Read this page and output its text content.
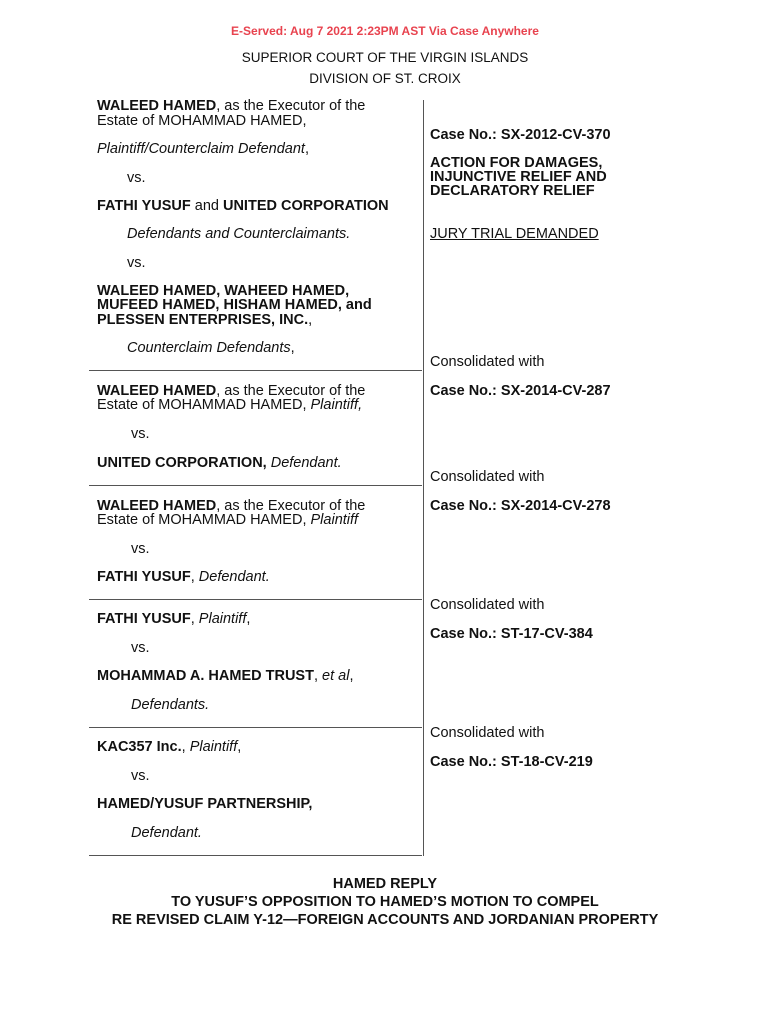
E-Served: Aug 7 2021 2:23PM AST Via Case Anywhere
SUPERIOR COURT OF THE VIRGIN ISLANDS
DIVISION OF ST. CROIX
WALEED HAMED, as the Executor of the
Estate of MOHAMMAD HAMED,
Plaintiff/Counterclaim Defendant,
vs.
FATHI YUSUF and UNITED CORPORATION
Defendants and Counterclaimants.
vs.
WALEED HAMED, WAHEED HAMED,
MUFEED HAMED, HISHAM HAMED, and
PLESSEN ENTERPRISES, INC.,
Counterclaim Defendants,
Case No.: SX-2012-CV-370
ACTION FOR DAMAGES,
INJUNCTIVE RELIEF AND
DECLARATORY RELIEF
JURY TRIAL DEMANDED
WALEED HAMED, as the Executor of the
Estate of MOHAMMAD HAMED, Plaintiff,
vs.
UNITED CORPORATION, Defendant.
Consolidated with
Case No.: SX-2014-CV-287
WALEED HAMED, as the Executor of the
Estate of MOHAMMAD HAMED, Plaintiff
vs.
FATHI YUSUF, Defendant.
Consolidated with
Case No.: SX-2014-CV-278
FATHI YUSUF, Plaintiff,
vs.
MOHAMMAD A. HAMED TRUST, et al,
Defendants.
Consolidated with
Case No.: ST-17-CV-384
KAC357 Inc., Plaintiff,
vs.
HAMED/YUSUF PARTNERSHIP,
Defendant.
Consolidated with
Case No.: ST-18-CV-219
HAMED REPLY
TO YUSUF’S OPPOSITION TO HAMED’S MOTION TO COMPEL
RE REVISED CLAIM Y-12—FOREIGN ACCOUNTS AND JORDANIAN PROPERTY
